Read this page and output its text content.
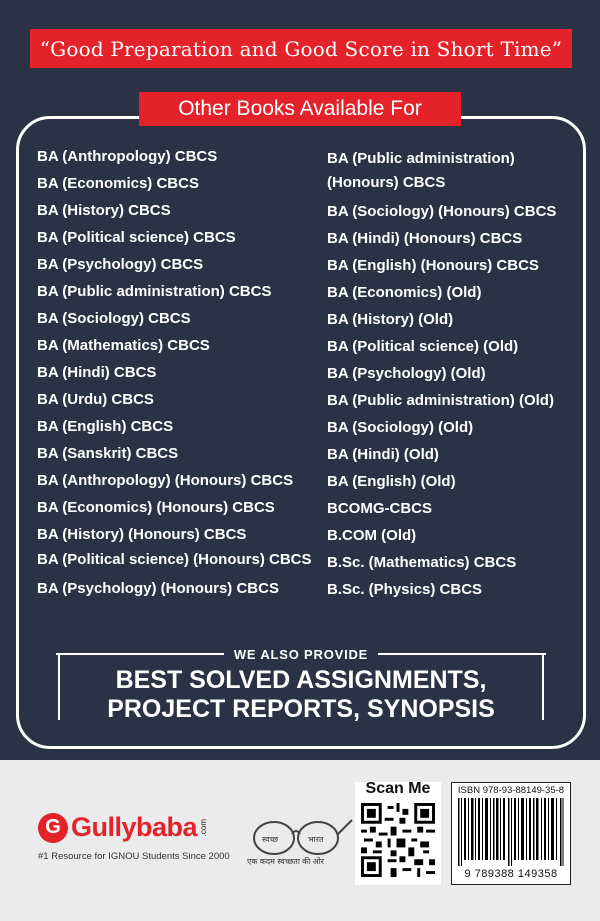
“Good Preparation and Good Score in Short Time”
Other Books Available For
BA (Anthropology) CBCS
BA (Economics) CBCS
BA (History) CBCS
BA (Political science) CBCS
BA (Psychology) CBCS
BA (Public administration) CBCS
BA (Sociology) CBCS
BA (Mathematics) CBCS
BA (Hindi) CBCS
BA (Urdu) CBCS
BA (English) CBCS
BA (Sanskrit) CBCS
BA (Anthropology) (Honours) CBCS
BA (Economics) (Honours) CBCS
BA (History) (Honours) CBCS
BA (Political science) (Honours) CBCS
BA (Psychology) (Honours) CBCS
BA (Public administration) (Honours) CBCS
BA (Sociology) (Honours) CBCS
BA (Hindi) (Honours) CBCS
BA (English) (Honours) CBCS
BA (Economics) (Old)
BA (History) (Old)
BA (Political science) (Old)
BA (Psychology) (Old)
BA (Public administration) (Old)
BA (Sociology) (Old)
BA (Hindi) (Old)
BA (English) (Old)
BCOMG-CBCS
B.COM (Old)
B.Sc. (Mathematics) CBCS
B.Sc. (Physics) CBCS
WE ALSO PROVIDE
BEST SOLVED ASSIGNMENTS,
PROJECT REPORTS, SYNOPSIS
G Gullybaba .com
#1 Resource for IGNOU Students Since 2000
स्वच्छ	भारत
एक कदम स्वच्छता की ओर
Scan Me	ISBN 978-93-88149-35-8
9 789388 149358
